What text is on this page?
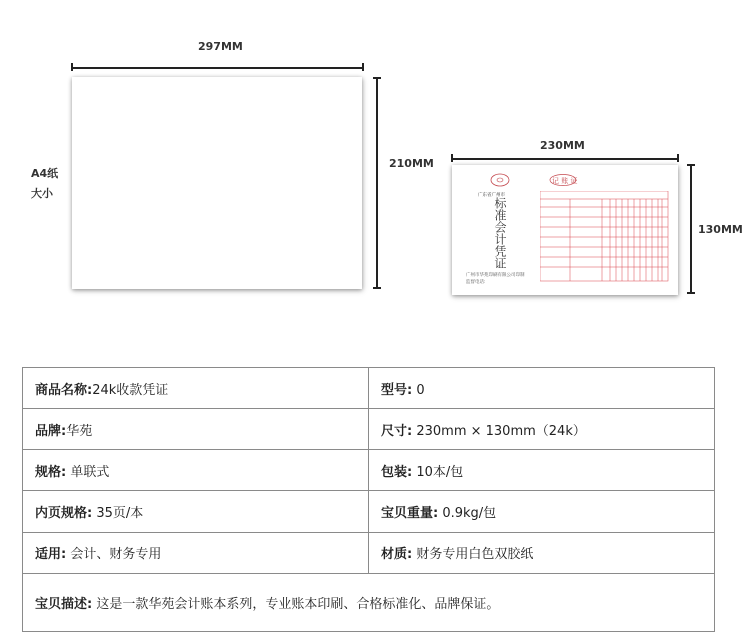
297MM
210MM
A4纸
大小
230MM
130MM
广东省广州市
标准会计凭证
记 账 证
广州市华苑印刷有限公司印制
监督电话:
商品名称:24k收款凭证	型号: 0
品牌:华苑	尺寸: 230mm × 130mm（24k）
规格: 单联式	包装: 10本/包
内页规格: 35页/本	宝贝重量: 0.9kg/包
适用: 会计、财务专用	材质: 财务专用白色双胶纸
宝贝描述: 这是一款华苑会计账本系列，专业账本印刷、合格标准化、品牌保证。	
